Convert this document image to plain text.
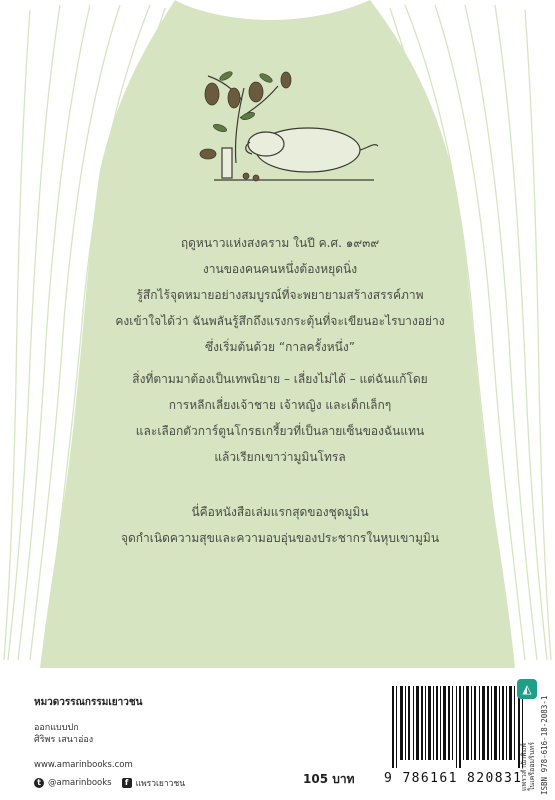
ฤดูหนาวแห่งสงคราม ในปี ค.ศ. ๑๙๓๙
งานของคนคนหนึ่งต้องหยุดนิ่ง
รู้สึกไร้จุดหมายอย่างสมบูรณ์ที่จะพยายามสร้างสรรค์ภาพ
คงเข้าใจได้ว่า ฉันพลันรู้สึกถึงแรงกระตุ้นที่จะเขียนอะไรบางอย่าง
ซึ่งเริ่มต้นด้วย “กาลครั้งหนึ่ง”
สิ่งที่ตามมาต้องเป็นเทพนิยาย – เลี่ยงไม่ได้ – แต่ฉันแก้โดย
การหลีกเลี่ยงเจ้าชาย เจ้าหญิง และเด็กเล็กๆ
และเลือกตัวการ์ตูนโกรธเกรี้ยวที่เป็นลายเซ็นของฉันแทน
แล้วเรียกเขาว่ามูมินโทรล
นี่คือหนังสือเล่มแรกสุดของชุดมูมิน
จุดกำเนิดความสุขและความอบอุ่นของประชากรในหุบเขามูมิน
หมวดวรรณกรรมเยาวชน
ออกแบบปก
ศิริพร เสนาอ่อง
www.amarinbooks.com
t @amarinbooks	f แพรวเยาวชน	105 บาท 9 786161 820831 ISBN 978-616-18-2083-1
◭
แพรวสำนักพิมพ์ ในเครืออมรินทร์
